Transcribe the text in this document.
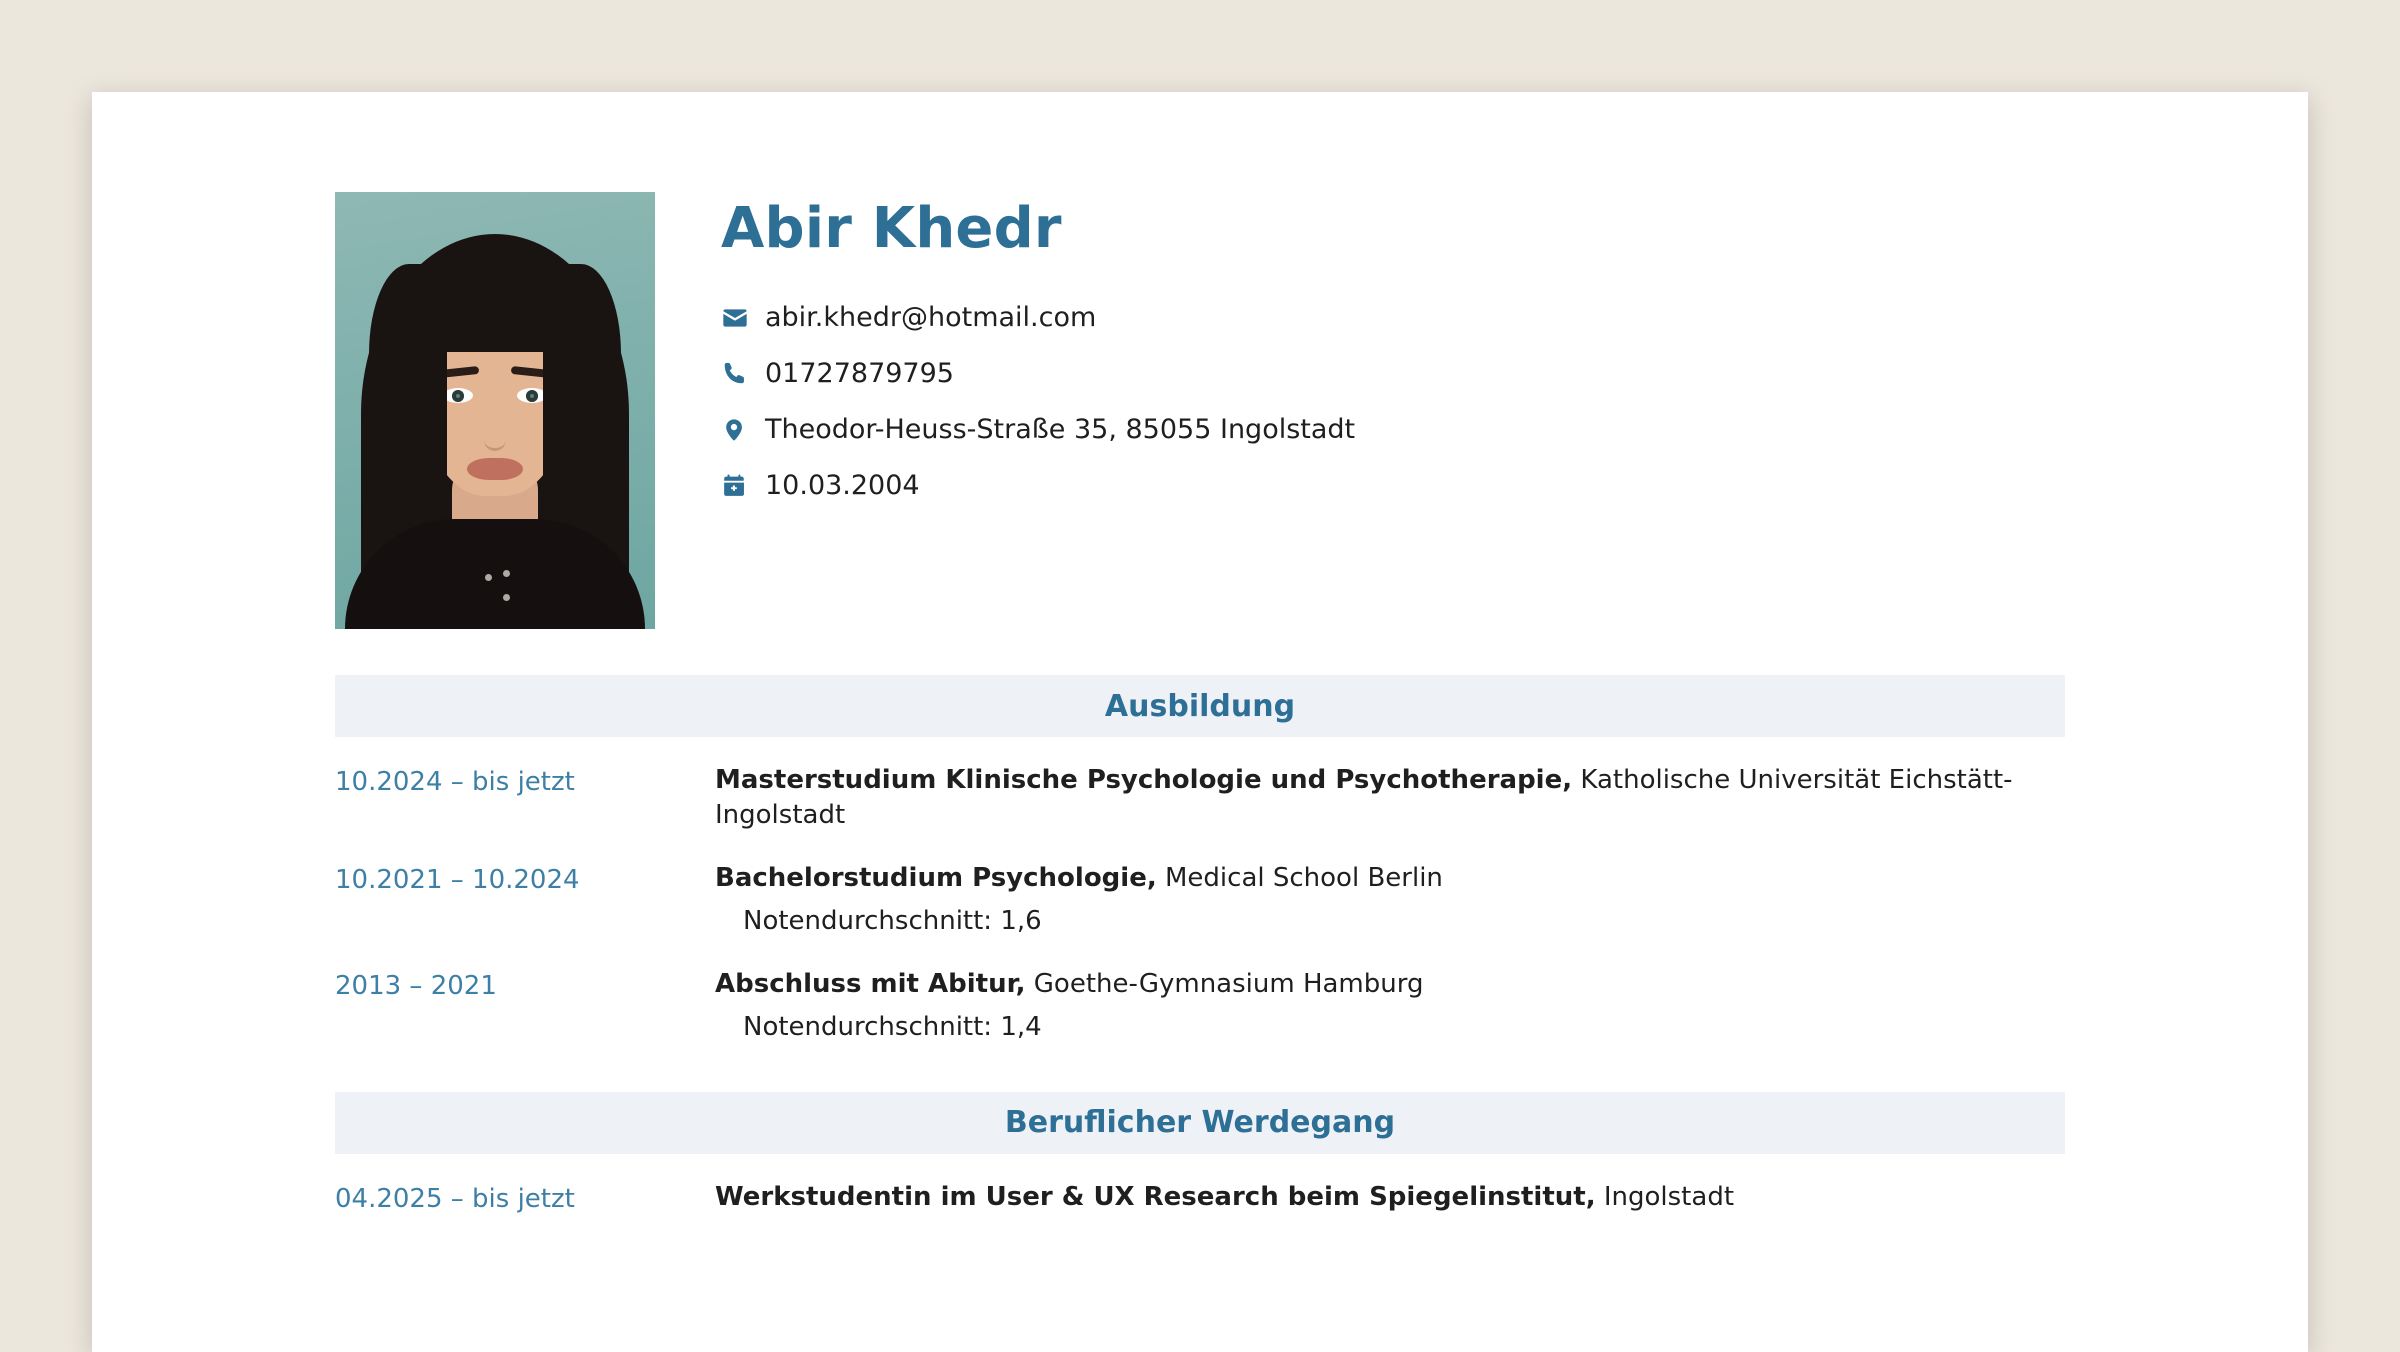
Abir Khedr
abir.khedr@hotmail.com
01727879795
Theodor-Heuss-Straße 35, 85055 Ingolstadt
10.03.2004
Ausbildung
10.2024 – bis jetzt	Masterstudium Klinische Psychologie und Psychotherapie, Katholische Universität Eichstätt-Ingolstadt
10.2021 – 10.2024	Bachelorstudium Psychologie, Medical School Berlin
Notendurchschnitt: 1,6
2013 – 2021	Abschluss mit Abitur, Goethe-Gymnasium Hamburg
Notendurchschnitt: 1,4
Beruflicher Werdegang
04.2025 – bis jetzt	Werkstudentin im User & UX Research beim Spiegelinstitut, Ingolstadt
